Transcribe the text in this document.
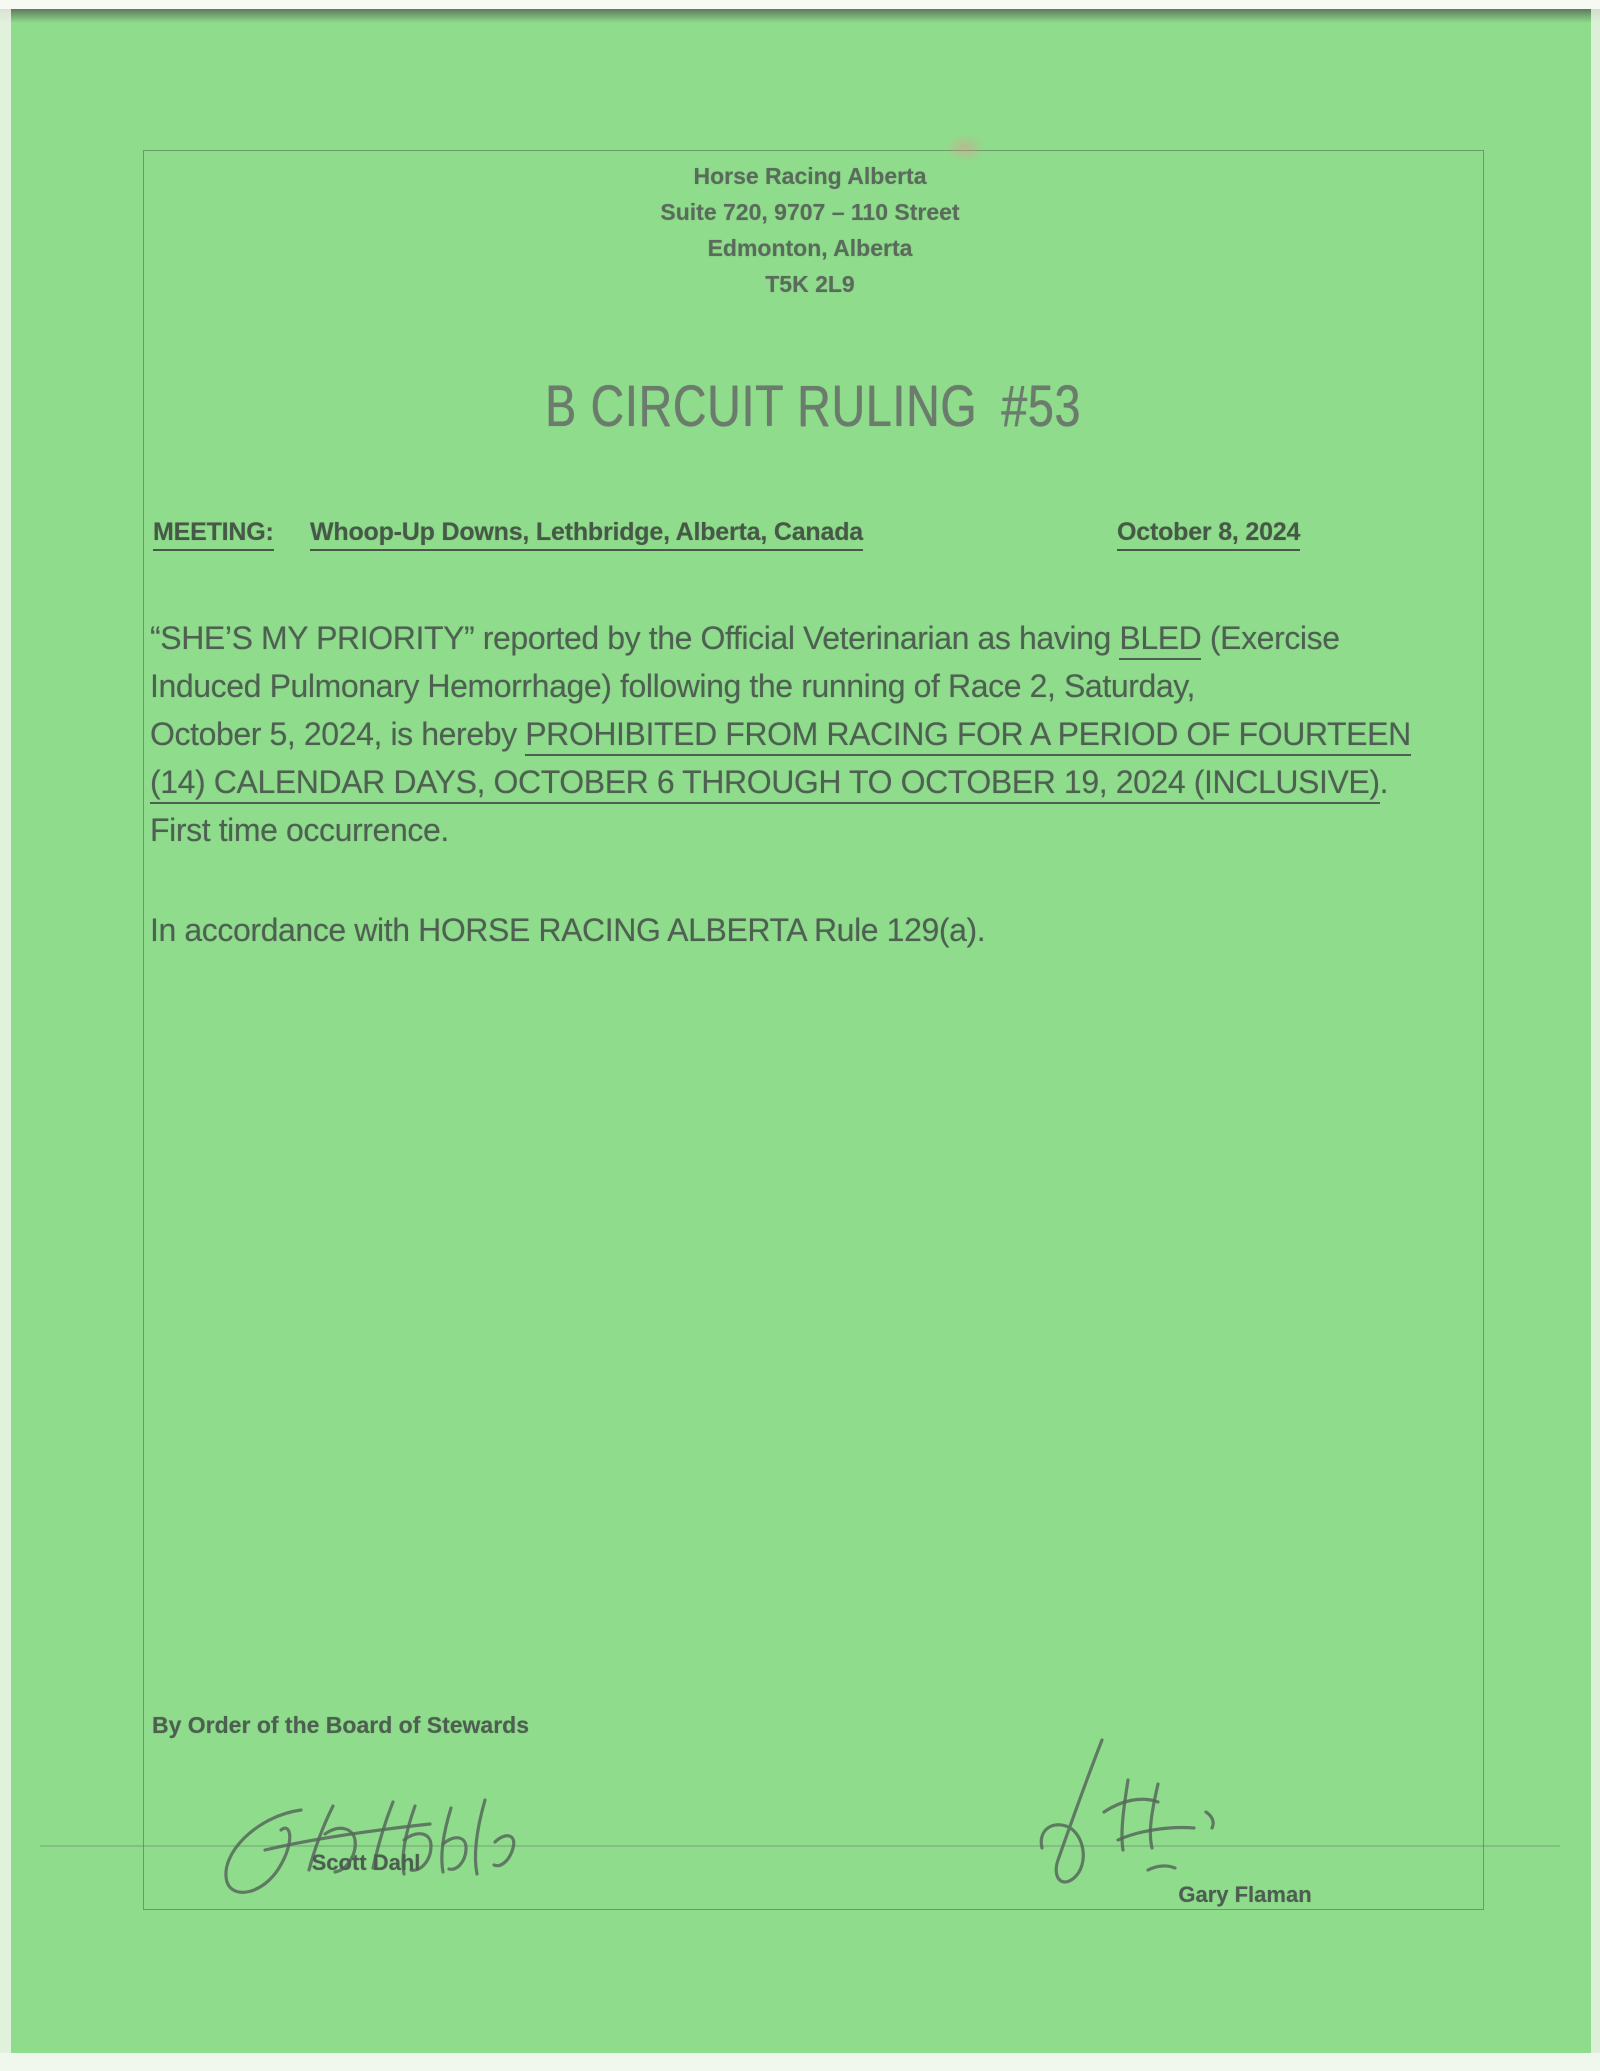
Horse Racing Alberta
Suite 720, 9707 – 110 Street
Edmonton, Alberta
T5K 2L9
B CIRCUIT RULING #53
MEETING: Whoop-Up Downs, Lethbridge, Alberta, Canada	October 8, 2024
“SHE’S MY PRIORITY” reported by the Official Veterinarian as having BLED (Exercise
Induced Pulmonary Hemorrhage) following the running of Race 2, Saturday,
October 5, 2024, is hereby PROHIBITED FROM RACING FOR A PERIOD OF FOURTEEN
(14) CALENDAR DAYS, OCTOBER 6 THROUGH TO OCTOBER 19, 2024 (INCLUSIVE).
First time occurrence.
In accordance with HORSE RACING ALBERTA Rule 129(a).
By Order of the Board of Stewards
Scott Dahl
Gary Flaman
